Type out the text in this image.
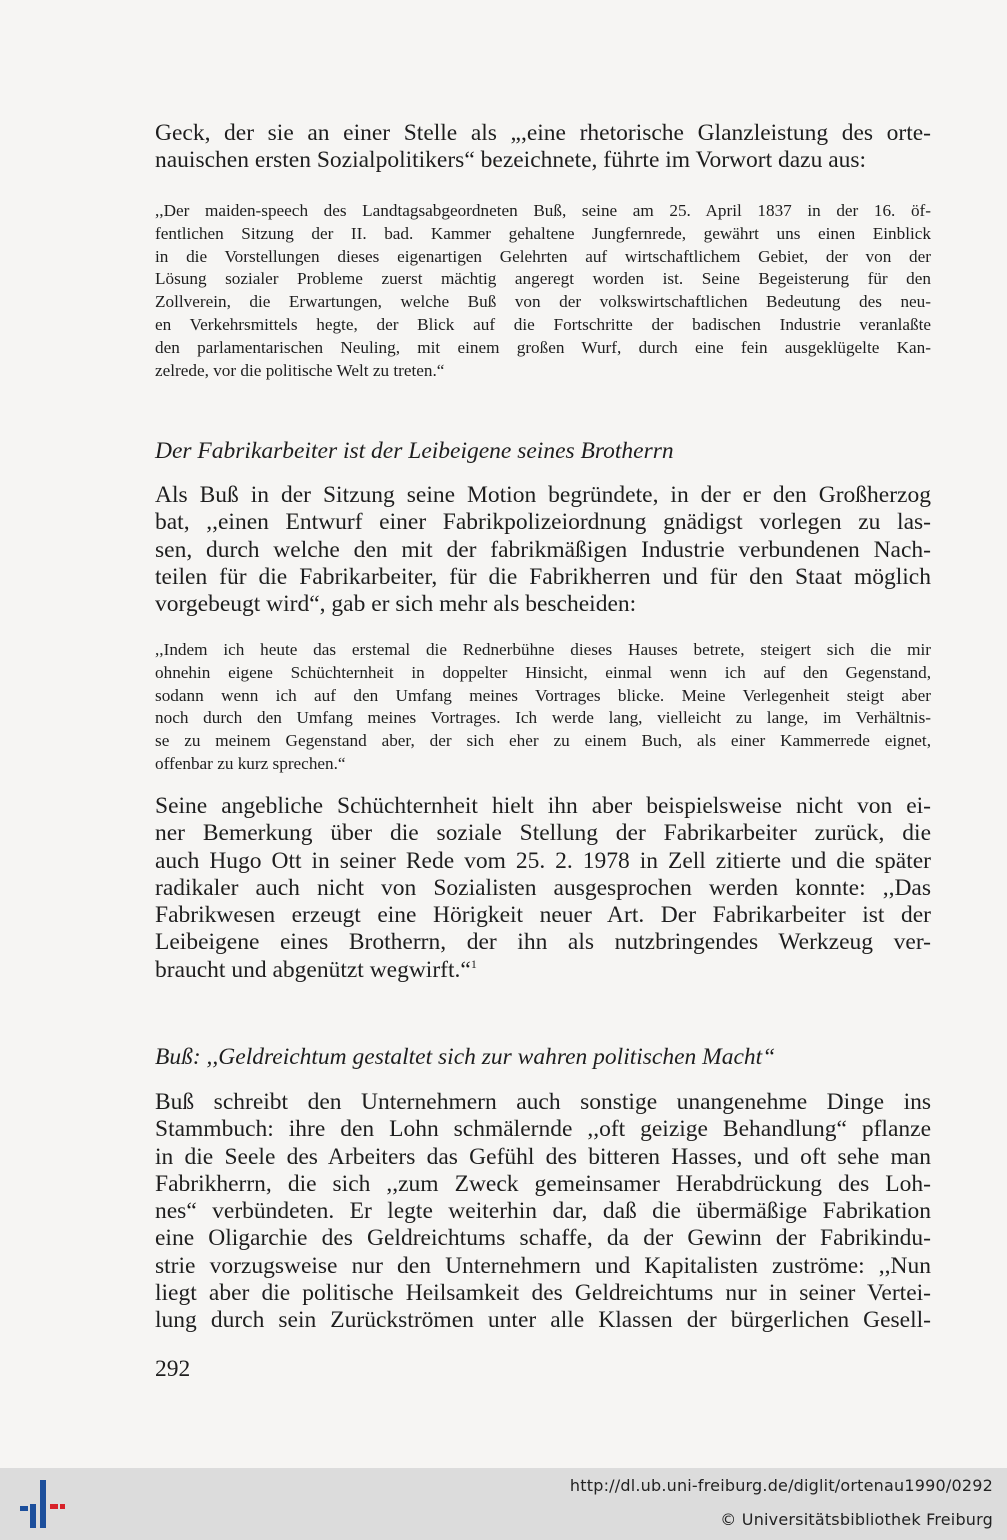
Geck, der sie an einer Stelle als „,eine rhetorische Glanzleistung des orte-
nauischen ersten Sozialpolitikers“ bezeichnete, führte im Vorwort dazu aus:

,,Der maiden-speech des Landtagsabgeordneten Buß, seine am 25. April 1837 in der 16. öf-
fentlichen Sitzung der II. bad. Kammer gehaltene Jungfernrede, gewährt uns einen Einblick
in die Vorstellungen dieses eigenartigen Gelehrten auf wirtschaftlichem Gebiet, der von der
Lösung sozialer Probleme zuerst mächtig angeregt worden ist. Seine Begeisterung für den
Zollverein, die Erwartungen, welche Buß von der volkswirtschaftlichen Bedeutung des neu-
en Verkehrsmittels hegte, der Blick auf die Fortschritte der badischen Industrie veranlaßte
den parlamentarischen Neuling, mit einem großen Wurf, durch eine fein ausgeklügelte Kan-
zelrede, vor die politische Welt zu treten.“

Der Fabrikarbeiter ist der Leibeigene seines Brotherrn

Als Buß in der Sitzung seine Motion begründete, in der er den Großherzog
bat, ,,einen Entwurf einer Fabrikpolizeiordnung gnädigst vorlegen zu las-
sen, durch welche den mit der fabrikmäßigen Industrie verbundenen Nach-
teilen für die Fabrikarbeiter, für die Fabrikherren und für den Staat möglich
vorgebeugt wird“, gab er sich mehr als bescheiden:

,,Indem ich heute das erstemal die Rednerbühne dieses Hauses betrete, steigert sich die mir
ohnehin eigene Schüchternheit in doppelter Hinsicht, einmal wenn ich auf den Gegenstand,
sodann wenn ich auf den Umfang meines Vortrages blicke. Meine Verlegenheit steigt aber
noch durch den Umfang meines Vortrages. Ich werde lang, vielleicht zu lange, im Verhältnis-
se zu meinem Gegenstand aber, der sich eher zu einem Buch, als einer Kammerrede eignet,
offenbar zu kurz sprechen.“

Seine angebliche Schüchternheit hielt ihn aber beispielsweise nicht von ei-
ner Bemerkung über die soziale Stellung der Fabrikarbeiter zurück, die
auch Hugo Ott in seiner Rede vom 25. 2. 1978 in Zell zitierte und die später
radikaler auch nicht von Sozialisten ausgesprochen werden konnte: ,,Das
Fabrikwesen erzeugt eine Hörigkeit neuer Art. Der Fabrikarbeiter ist der
Leibeigene eines Brotherrn, der ihn als nutzbringendes Werkzeug ver-
braucht und abgenützt wegwirft.“$^1$

Buß: ,,Geldreichtum gestaltet sich zur wahren politischen Macht“

Buß schreibt den Unternehmern auch sonstige unangenehme Dinge ins
Stammbuch: ihre den Lohn schmälernde ,,oft geizige Behandlung“ pflanze
in die Seele des Arbeiters das Gefühl des bitteren Hasses, und oft sehe man
Fabrikherrn, die sich ,,zum Zweck gemeinsamer Herabdrückung des Loh-
nes“ verbündeten. Er legte weiterhin dar, daß die übermäßige Fabrikation
eine Oligarchie des Geldreichtums schaffe, da der Gewinn der Fabrikindu-
strie vorzugsweise nur den Unternehmern und Kapitalisten zuströme: ,,Nun
liegt aber die politische Heilsamkeit des Geldreichtums nur in seiner Vertei-
lung durch sein Zurückströmen unter alle Klassen der bürgerlichen Gesell-

292
http://dl.ub.uni-freiburg.de/diglit/ortenau1990/0292
© Universitätsbibliothek Freiburg
